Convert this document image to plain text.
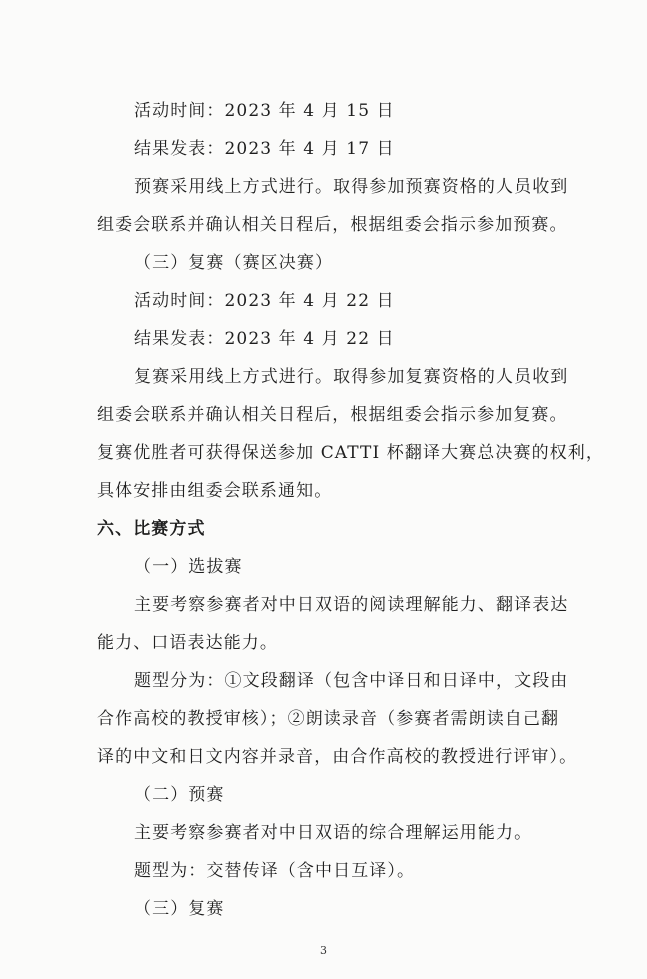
活动时间：2023 年 4 月 15 日
结果发表：2023 年 4 月 17 日
预赛采用线上方式进行。取得参加预赛资格的人员收到
组委会联系并确认相关日程后，根据组委会指示参加预赛。
（三）复赛（赛区决赛）
活动时间：2023 年 4 月 22 日
结果发表：2023 年 4 月 22 日
复赛采用线上方式进行。取得参加复赛资格的人员收到
组委会联系并确认相关日程后，根据组委会指示参加复赛。
复赛优胜者可获得保送参加 CATTI 杯翻译大赛总决赛的权利，
具体安排由组委会联系通知。
六、比赛方式
（一）选拔赛
主要考察参赛者对中日双语的阅读理解能力、翻译表达
能力、口语表达能力。
题型分为：①文段翻译（包含中译日和日译中，文段由
合作高校的教授审核）；②朗读录音（参赛者需朗读自己翻
译的中文和日文内容并录音，由合作高校的教授进行评审）。
（二）预赛
主要考察参赛者对中日双语的综合理解运用能力。
题型为：交替传译（含中日互译）。
（三）复赛
3
